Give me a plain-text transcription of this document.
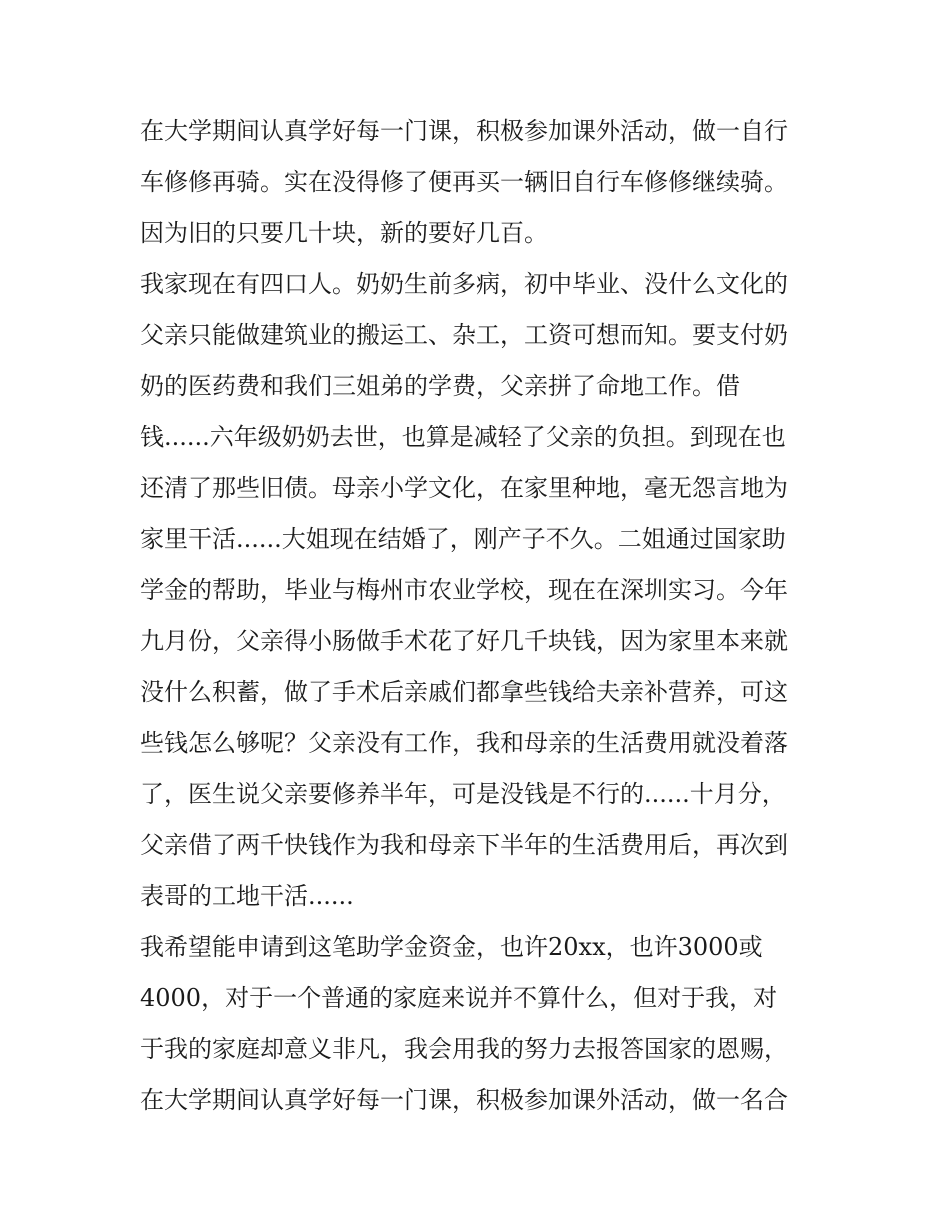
在大学期间认真学好每一门课，积极参加课外活动，做一自行
车修修再骑。实在没得修了便再买一辆旧自行车修修继续骑。
因为旧的只要几十块，新的要好几百。
我家现在有四口人。奶奶生前多病，初中毕业、没什么文化的
父亲只能做建筑业的搬运工、杂工，工资可想而知。要支付奶
奶的医药费和我们三姐弟的学费，父亲拼了命地工作。借
钱......六年级奶奶去世，也算是减轻了父亲的负担。到现在也
还清了那些旧债。母亲小学文化，在家里种地，毫无怨言地为
家里干活......大姐现在结婚了，刚产子不久。二姐通过国家助
学金的帮助，毕业与梅州市农业学校，现在在深圳实习。今年
九月份，父亲得小肠做手术花了好几千块钱，因为家里本来就
没什么积蓄，做了手术后亲戚们都拿些钱给夫亲补营养，可这
些钱怎么够呢？父亲没有工作，我和母亲的生活费用就没着落
了，医生说父亲要修养半年，可是没钱是不行的......十月分，
父亲借了两千快钱作为我和母亲下半年的生活费用后，再次到
表哥的工地干活......
我希望能申请到这笔助学金资金，也许20xx，也许3000或
4000，对于一个普通的家庭来说并不算什么，但对于我，对
于我的家庭却意义非凡，我会用我的努力去报答国家的恩赐，
在大学期间认真学好每一门课，积极参加课外活动，做一名合
